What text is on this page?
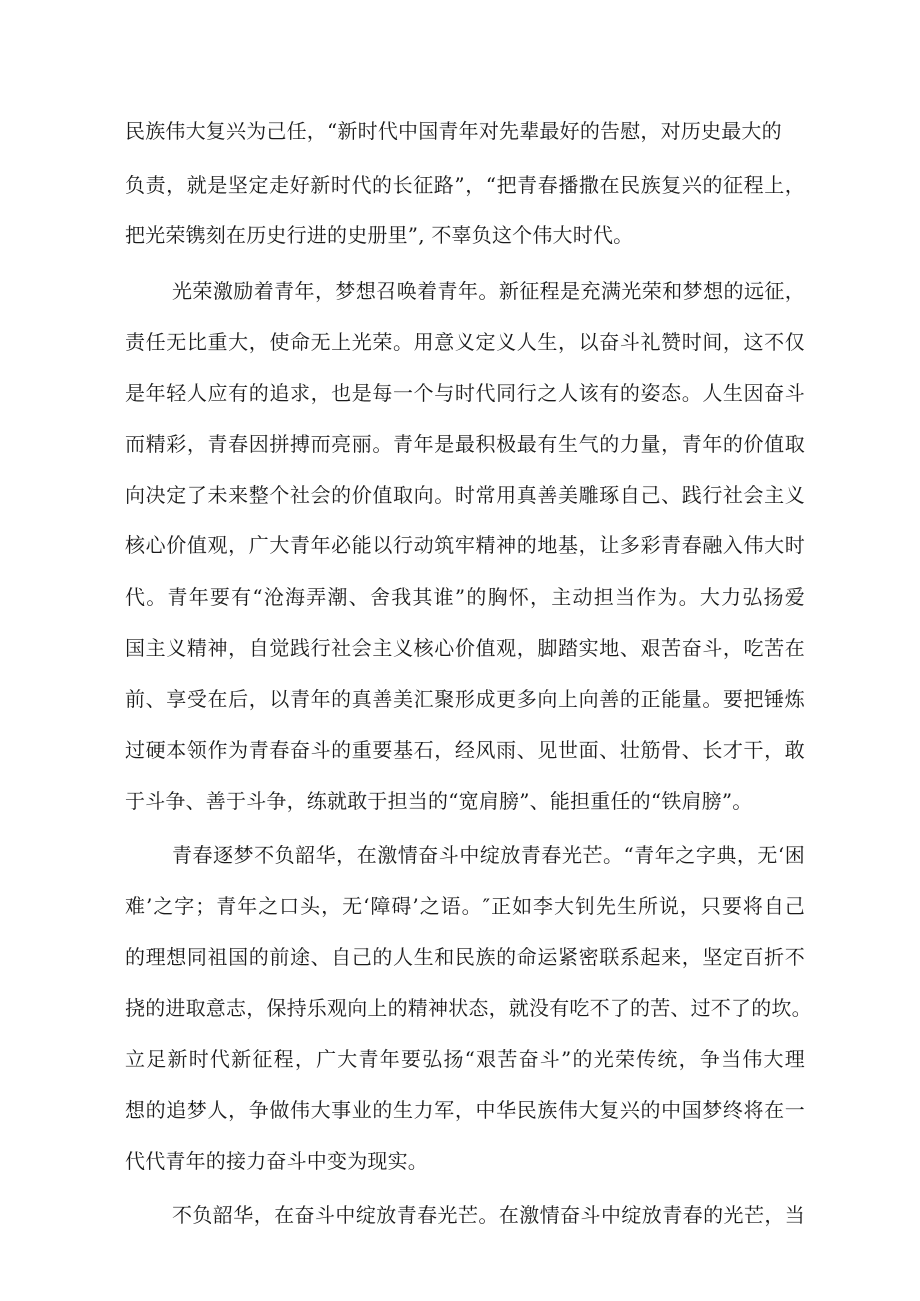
民族伟大复兴为己任，“新时代中国青年对先辈最好的告慰，对历史最大的
负责，就是坚定走好新时代的长征路”，“把青春播撒在民族复兴的征程上，
把光荣镌刻在历史行进的史册里”, 不辜负这个伟大时代。
光荣激励着青年，梦想召唤着青年。新征程是充满光荣和梦想的远征，
责任无比重大，使命无上光荣。用意义定义人生，以奋斗礼赞时间，这不仅
是年轻人应有的追求，也是每一个与时代同行之人该有的姿态。人生因奋斗
而精彩，青春因拼搏而亮丽。青年是最积极最有生气的力量，青年的价值取
向决定了未来整个社会的价值取向。时常用真善美雕琢自己、践行社会主义
核心价值观，广大青年必能以行动筑牢精神的地基，让多彩青春融入伟大时
代。青年要有“沧海弄潮、舍我其谁”的胸怀，主动担当作为。大力弘扬爱
国主义精神，自觉践行社会主义核心价值观，脚踏实地、艰苦奋斗，吃苦在
前、享受在后，以青年的真善美汇聚形成更多向上向善的正能量。要把锤炼
过硬本领作为青春奋斗的重要基石，经风雨、见世面、壮筋骨、长才干，敢
于斗争、善于斗争，练就敢于担当的“宽肩膀”、能担重任的“铁肩膀”。
青春逐梦不负韶华，在激情奋斗中绽放青春光芒。“青年之字典，无‘困
难’之字；青年之口头，无‘障碍’之语。″正如李大钊先生所说，只要将自己
的理想同祖国的前途、自己的人生和民族的命运紧密联系起来，坚定百折不
挠的进取意志，保持乐观向上的精神状态，就没有吃不了的苦、过不了的坎。
立足新时代新征程，广大青年要弘扬“艰苦奋斗”的光荣传统，争当伟大理
想的追梦人，争做伟大事业的生力军，中华民族伟大复兴的中国梦终将在一
代代青年的接力奋斗中变为现实。
不负韶华，在奋斗中绽放青春光芒。在激情奋斗中绽放青春的光芒，当
